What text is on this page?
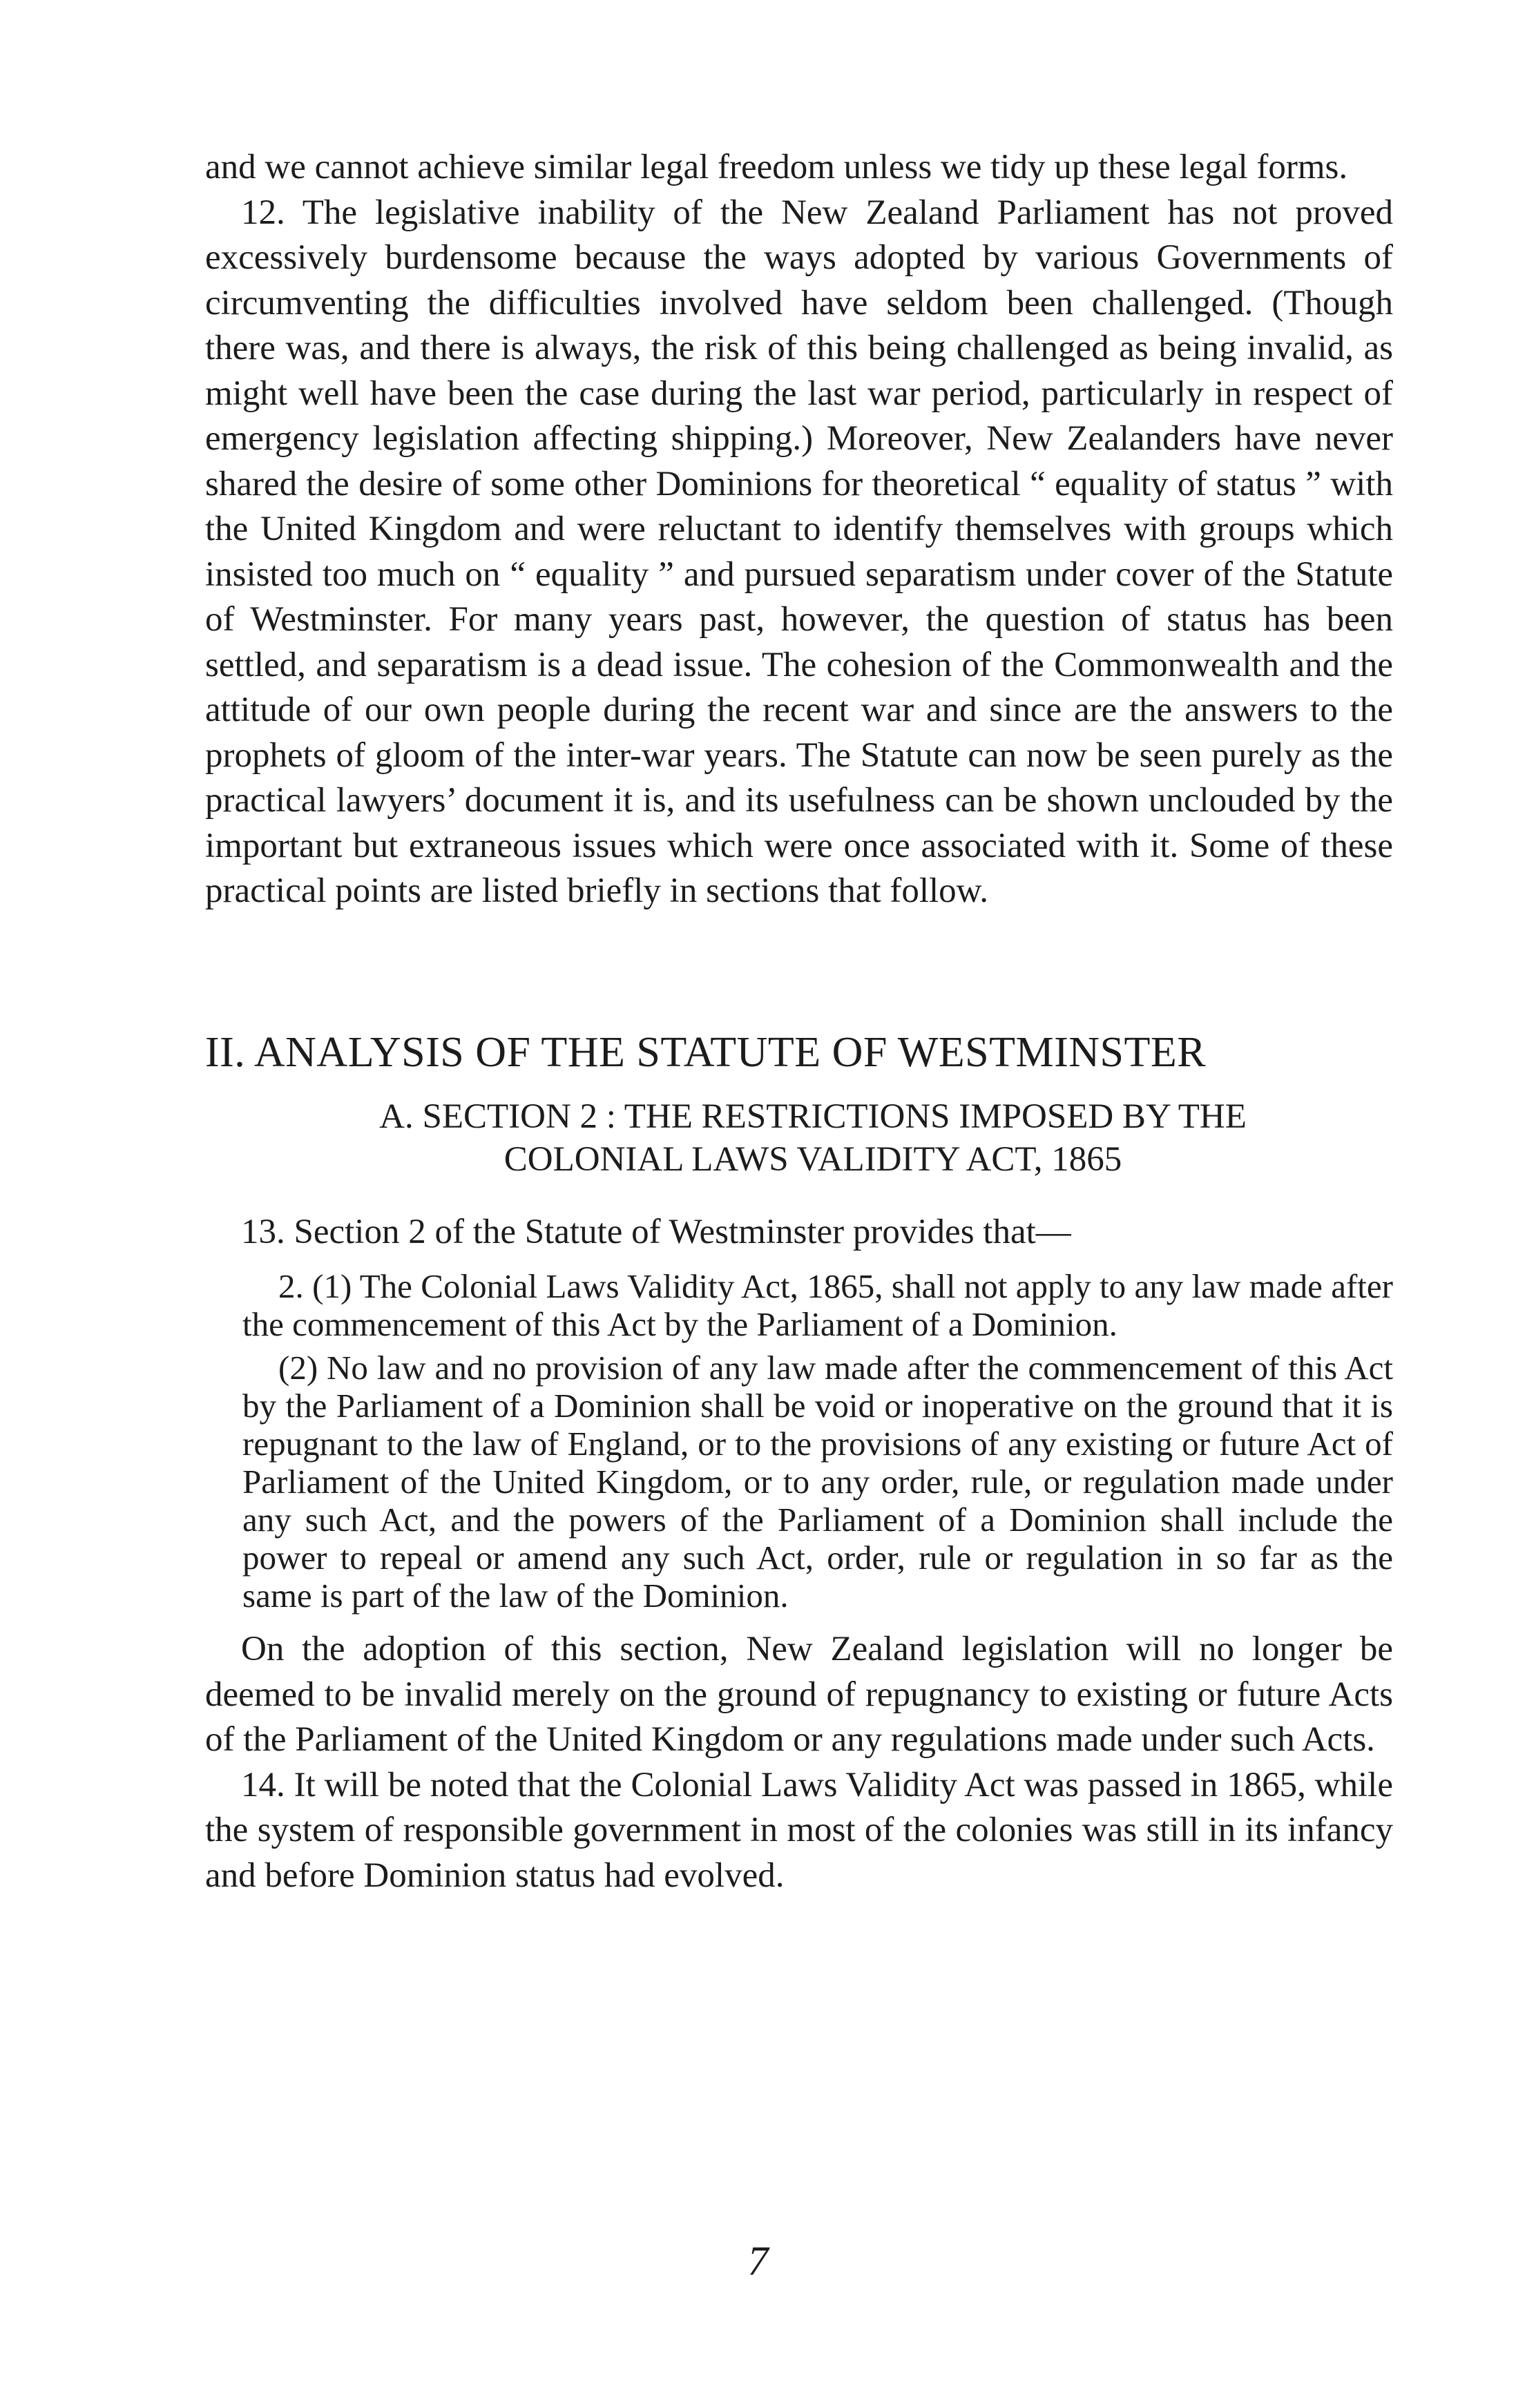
and we cannot achieve similar legal freedom unless we tidy up these legal forms.

12. The legislative inability of the New Zealand Parliament has not proved excessively burdensome because the ways adopted by various Governments of circumventing the difficulties involved have seldom been challenged. (Though there was, and there is always, the risk of this being challenged as being invalid, as might well have been the case during the last war period, particularly in respect of emergency legislation affecting shipping.) Moreover, New Zealanders have never shared the desire of some other Dominions for theoretical “ equality of status ” with the United Kingdom and were reluctant to identify themselves with groups which insisted too much on “ equality ” and pursued separatism under cover of the Statute of Westminster. For many years past, however, the question of status has been settled, and separatism is a dead issue. The cohesion of the Commonwealth and the attitude of our own people during the recent war and since are the answers to the prophets of gloom of the inter-war years. The Statute can now be seen purely as the practical lawyers’ document it is, and its usefulness can be shown unclouded by the important but extraneous issues which were once associated with it. Some of these practical points are listed briefly in sections that follow.

II. ANALYSIS OF THE STATUTE OF WESTMINSTER
A. SECTION 2 : THE RESTRICTIONS IMPOSED BY THE
COLONIAL LAWS VALIDITY ACT, 1865

13. Section 2 of the Statute of Westminster provides that—

2. (1) The Colonial Laws Validity Act, 1865, shall not apply to any law made after the commencement of this Act by the Parliament of a Dominion.

(2) No law and no provision of any law made after the commencement of this Act by the Parliament of a Dominion shall be void or inoperative on the ground that it is repugnant to the law of England, or to the provisions of any existing or future Act of Parliament of the United Kingdom, or to any order, rule, or regulation made under any such Act, and the powers of the Parliament of a Dominion shall include the power to repeal or amend any such Act, order, rule or regulation in so far as the same is part of the law of the Dominion.

On the adoption of this section, New Zealand legislation will no longer be deemed to be invalid merely on the ground of repugnancy to existing or future Acts of the Parliament of the United Kingdom or any regulations made under such Acts.

14. It will be noted that the Colonial Laws Validity Act was passed in 1865, while the system of responsible government in most of the colonies was still in its infancy and before Dominion status had evolved.

7
